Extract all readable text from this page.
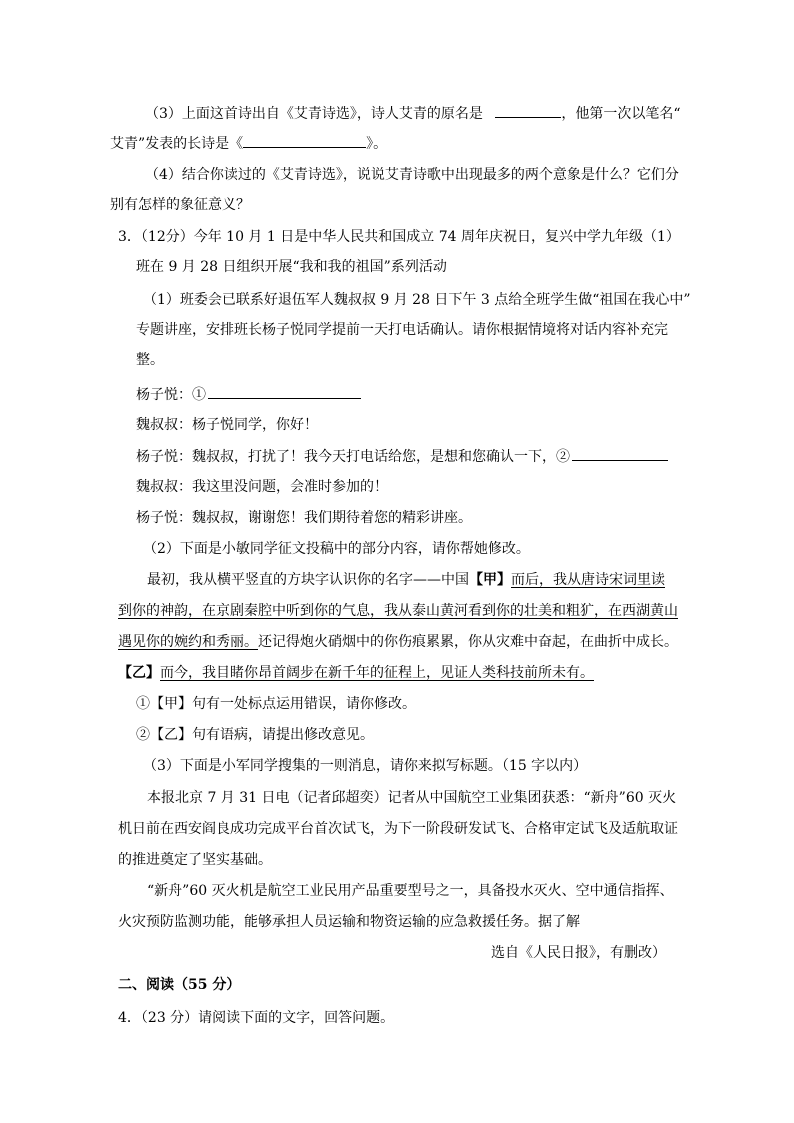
（3）上面这首诗出自《艾青诗选》，诗人艾青的原名是	，他第一次以笔名“
艾青”发表的长诗是《	》。
（4）结合你读过的《艾青诗选》，说说艾青诗歌中出现最多的两个意象是什么？它们分
别有怎样的象征意义？
3．（12分）今年 10 月 1 日是中华人民共和国成立 74 周年庆祝日，复兴中学九年级（1）
班在 9 月 28 日组织开展“我和我的祖国”系列活动
（1）班委会已联系好退伍军人魏叔叔 9 月 28 日下午 3 点给全班学生做“祖国在我心中”
专题讲座，安排班长杨子悦同学提前一天打电话确认。请你根据情境将对话内容补充完
整。
杨子悦：①
魏叔叔：杨子悦同学，你好！
杨子悦：魏叔叔，打扰了！我今天打电话给您，是想和您确认一下，②
魏叔叔：我这里没问题，会准时参加的！
杨子悦：魏叔叔，谢谢您！我们期待着您的精彩讲座。
（2）下面是小敏同学征文投稿中的部分内容，请你帮她修改。
最初，我从横平竖直的方块字认识你的名字——中国【甲】而后，我从唐诗宋词里读
到你的神韵，在京剧秦腔中听到你的气息，我从泰山黄河看到你的壮美和粗犷，在西湖黄山
遇见你的婉约和秀丽。还记得炮火硝烟中的你伤痕累累，你从灾难中奋起，在曲折中成长。
【乙】而今，我目睹你昂首阔步在新千年的征程上，见证人类科技前所未有。
①【甲】句有一处标点运用错误，请你修改。
②【乙】句有语病，请提出修改意见。
（3）下面是小军同学搜集的一则消息，请你来拟写标题。（15 字以内）
本报北京 7 月 31 日电（记者邱超奕）记者从中国航空工业集团获悉：“新舟”60 灭火
机日前在西安阎良成功完成平台首次试飞，为下一阶段研发试飞、合格审定试飞及适航取证
的推进奠定了坚实基础。
“新舟”60 灭火机是航空工业民用产品重要型号之一，具备投水灭火、空中通信指挥、
火灾预防监测功能，能够承担人员运输和物资运输的应急救援任务。据了解
选自《人民日报》，有删改）
二、阅读（55 分）
4．（23 分）请阅读下面的文字，回答问题。
